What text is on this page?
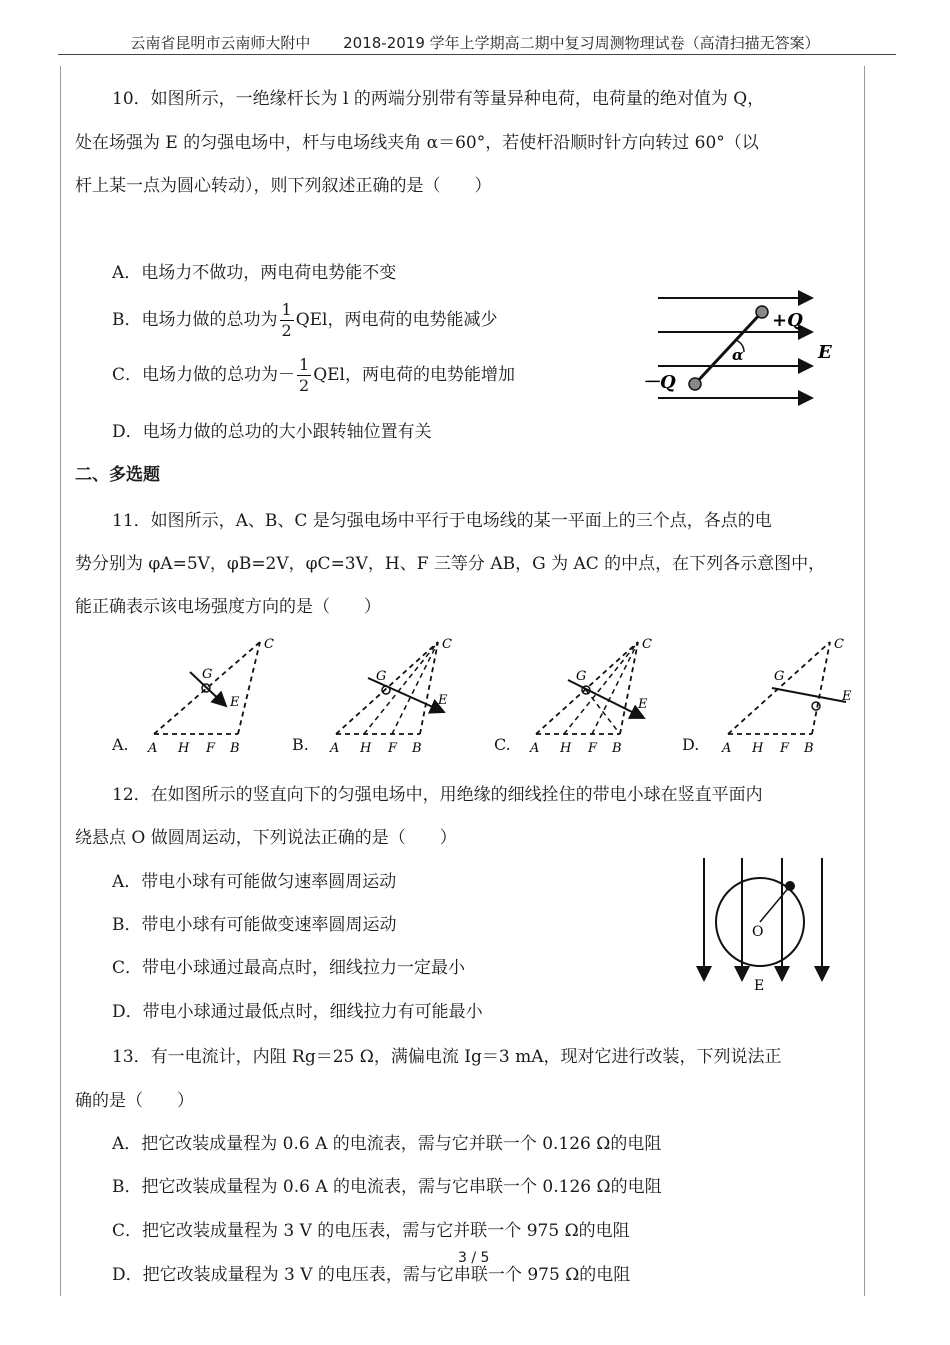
云南省昆明市云南师大附中 2018-2019 学年上学期高二期中复习周测物理试卷（高清扫描无答案）
10．如图所示，一绝缘杆长为 l 的两端分别带有等量异种电荷，电荷量的绝对值为 Q，
处在场强为 E 的匀强电场中，杆与电场线夹角 α＝60°，若使杆沿顺时针方向转过 60°（以
杆上某一点为圆心转动），则下列叙述正确的是（　　）
A．电场力不做功，两电荷电势能不变
B．电场力做的总功为 $\frac{1}{2}$ QEl，两电荷的电势能减少
C．电场力做的总功为－ $\frac{1}{2}$ QEl，两电荷的电势能增加
D．电场力做的总功的大小跟转轴位置有关
+Q
－Q
α	E
二、多选题
11．如图所示，A、B、C 是匀强电场中平行于电场线的某一平面上的三个点，各点的电
势分别为 φA=5V，φB=2V，φC=3V，H、F 三等分 AB，G 为 AC 的中点，在下列各示意图中，
能正确表示该电场强度方向的是（　　）
A H F B
C
G
E
A H F B
C
G
E
A H F B
C
G
E
A H F B
C
G
E
A.	B.	C.	D.
12．在如图所示的竖直向下的匀强电场中，用绝缘的细线拴住的带电小球在竖直平面内
绕悬点 O 做圆周运动，下列说法正确的是（　　）
A．带电小球有可能做匀速率圆周运动
B．带电小球有可能做变速率圆周运动
C．带电小球通过最高点时，细线拉力一定最小
D．带电小球通过最低点时，细线拉力有可能最小
O
E
13．有一电流计，内阻 Rg＝25 Ω，满偏电流 Ig＝3 mA，现对它进行改装，下列说法正
确的是（　　）
A．把它改装成量程为 0.6 A 的电流表，需与它并联一个 0.126 Ω的电阻
B．把它改装成量程为 0.6 A 的电流表，需与它串联一个 0.126 Ω的电阻
C．把它改装成量程为 3 V 的电压表，需与它并联一个 975 Ω的电阻
D．把它改装成量程为 3 V 的电压表，需与它串联一个 975 Ω的电阻
3 / 5
